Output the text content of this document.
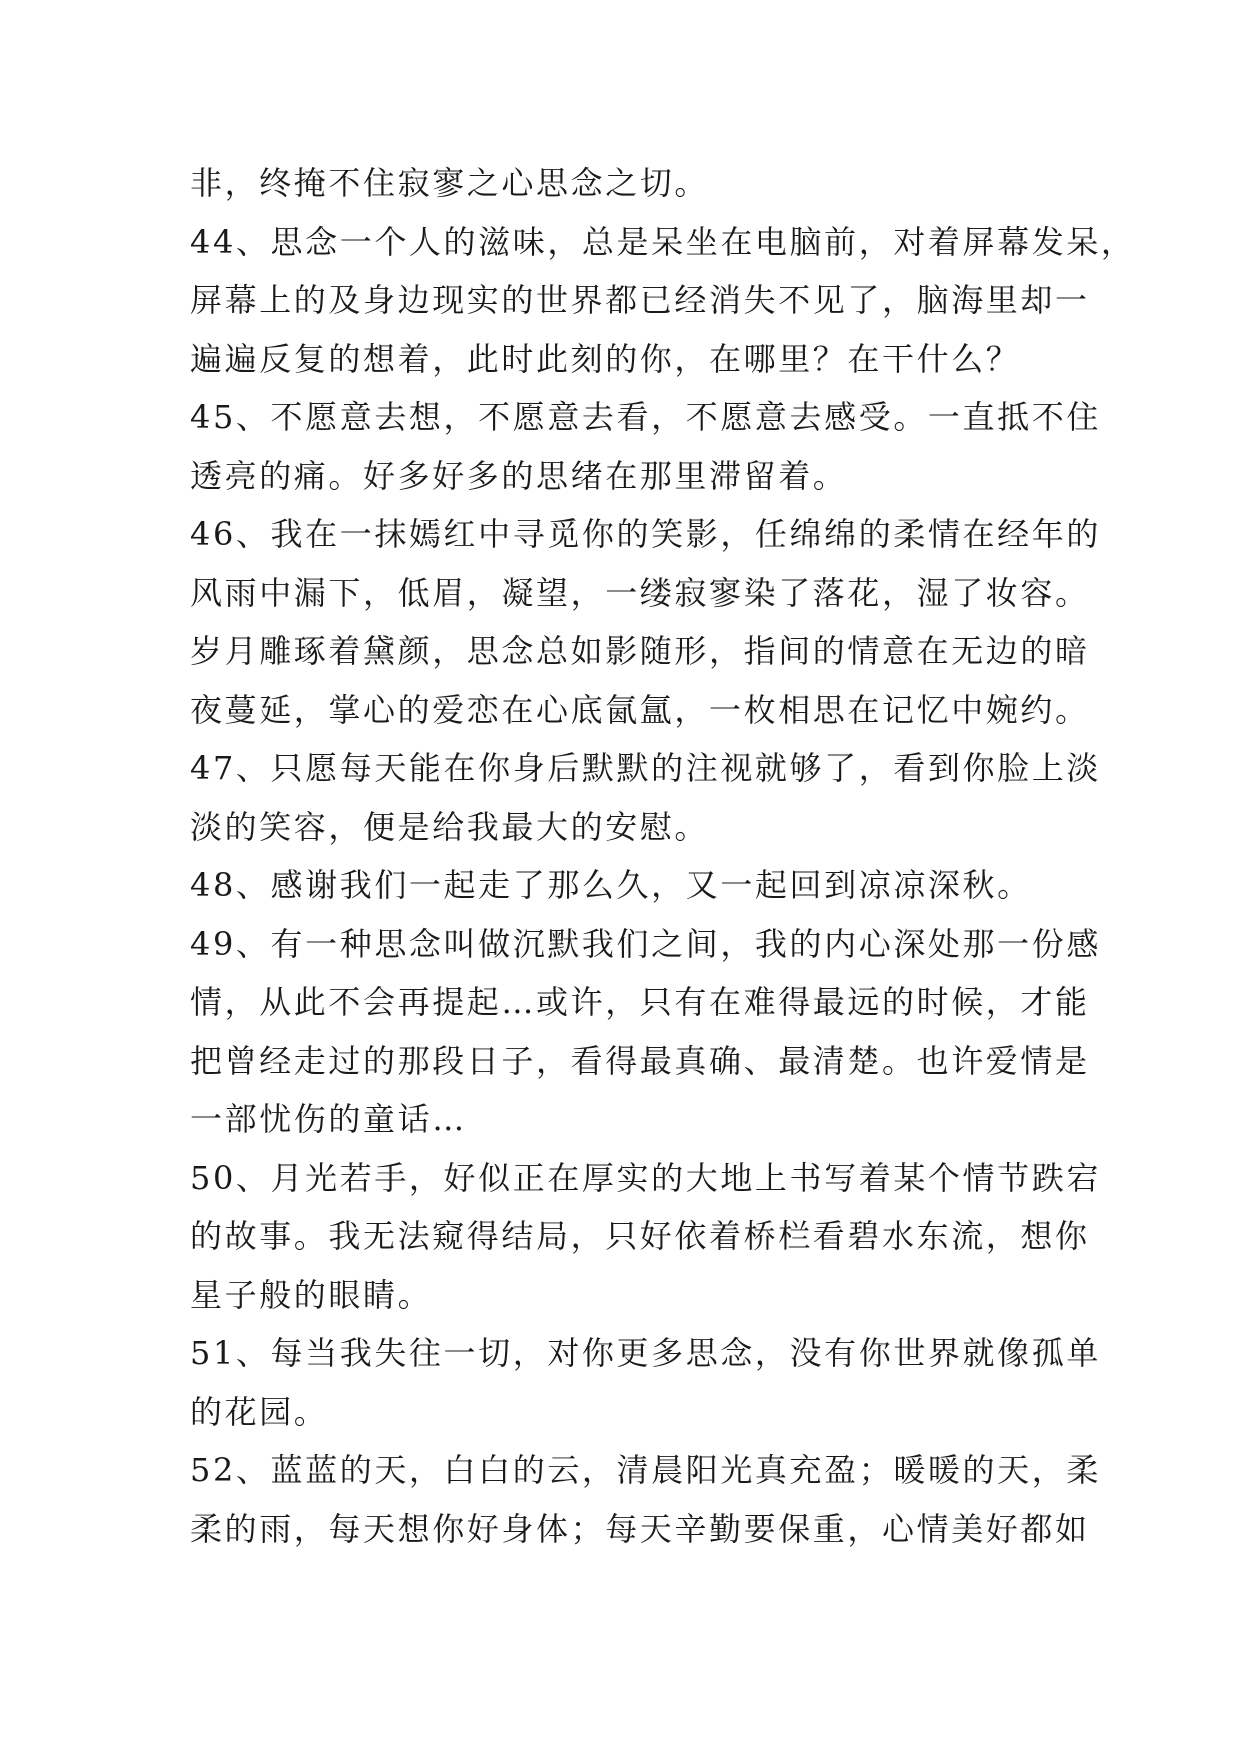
非，终掩不住寂寥之心思念之切。
44、思念一个人的滋味，总是呆坐在电脑前，对着屏幕发呆，
屏幕上的及身边现实的世界都已经消失不见了，脑海里却一
遍遍反复的想着，此时此刻的你，在哪里？在干什么？
45、不愿意去想，不愿意去看，不愿意去感受。一直抵不住
透亮的痛。好多好多的思绪在那里滞留着。
46、我在一抹嫣红中寻觅你的笑影，任绵绵的柔情在经年的
风雨中漏下，低眉，凝望，一缕寂寥染了落花，湿了妆容。
岁月雕琢着黛颜，思念总如影随形，指间的情意在无边的暗
夜蔓延，掌心的爱恋在心底氤氲，一枚相思在记忆中婉约。
47、只愿每天能在你身后默默的注视就够了，看到你脸上淡
淡的笑容，便是给我最大的安慰。
48、感谢我们一起走了那么久，又一起回到凉凉深秋。
49、有一种思念叫做沉默我们之间，我的内心深处那一份感
情，从此不会再提起…或许，只有在难得最远的时候，才能
把曾经走过的那段日子，看得最真确、最清楚。也许爱情是
一部忧伤的童话…
50、月光若手，好似正在厚实的大地上书写着某个情节跌宕
的故事。我无法窥得结局，只好依着桥栏看碧水东流，想你
星子般的眼睛。
51、每当我失往一切，对你更多思念，没有你世界就像孤单
的花园。
52、蓝蓝的天，白白的云，清晨阳光真充盈；暖暖的天，柔
柔的雨，每天想你好身体；每天辛勤要保重，心情美好都如
